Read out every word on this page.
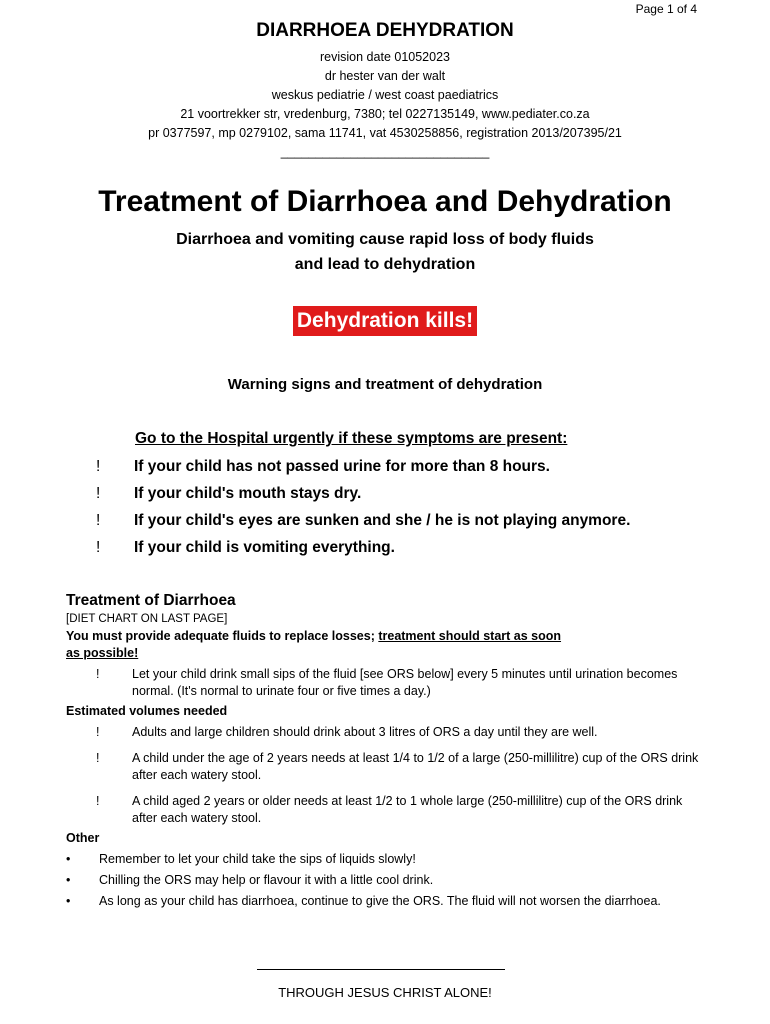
Page 1 of 4
DIARRHOEA DEHYDRATION
revision date 01052023
dr hester van der walt
weskus pediatrie / west coast paediatrics
21 voortrekker str, vredenburg, 7380; tel 0227135149, www.pediater.co.za
pr 0377597, mp 0279102, sama 11741, vat 4530258856, registration 2013/207395/21
______________________________
Treatment of Diarrhoea and Dehydration
Diarrhoea and vomiting cause rapid loss of body fluids
and lead to dehydration
Dehydration kills!
Warning signs and treatment of dehydration
Go to the Hospital urgently if these symptoms are present:
! If your child has not passed urine for more than 8 hours.
! If your child's mouth stays dry.
! If your child's eyes are sunken and she / he is not playing anymore.
! If your child is vomiting everything.
Treatment of Diarrhoea
[DIET CHART ON LAST PAGE]
You must provide adequate fluids to replace losses; treatment should start as soon
as possible!
!	Let your child drink small sips of the fluid [see ORS below] every 5 minutes until urination becomes normal. (It's normal to urinate four or five times a day.)
Estimated volumes needed
!	Adults and large children should drink about 3 litres of ORS a day until they are well.
!	A child under the age of 2 years needs at least 1/4 to 1/2 of a large (250-millilitre) cup of the ORS drink after each watery stool.
!	A child aged 2 years or older needs at least 1/2 to 1 whole large (250-millilitre) cup of the ORS drink after each watery stool.
Other
•	Remember to let your child take the sips of liquids slowly!
•	Chilling the ORS may help or flavour it with a little cool drink.
•	As long as your child has diarrhoea, continue to give the ORS. The fluid will not worsen the diarrhoea.
THROUGH JESUS CHRIST ALONE!
